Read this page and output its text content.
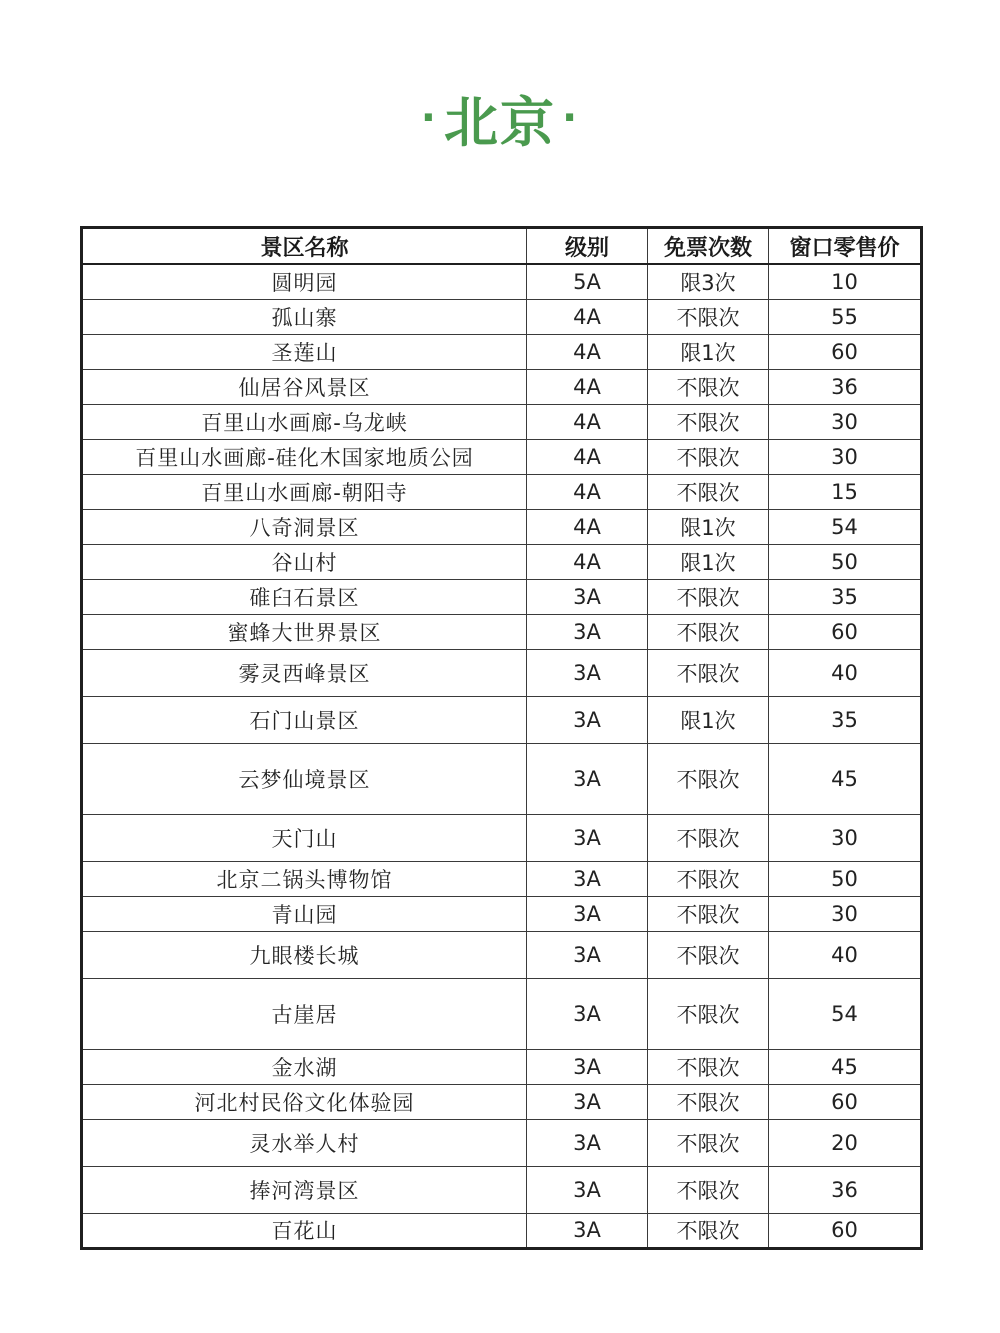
· 北京 ·
景区名称	级别	免票次数	窗口零售价
圆明园	5A	限3次	10
孤山寨	4A	不限次	55
圣莲山	4A	限1次	60
仙居谷风景区	4A	不限次	36
百里山水画廊-乌龙峡	4A	不限次	30
百里山水画廊-硅化木国家地质公园	4A	不限次	30
百里山水画廊-朝阳寺	4A	不限次	15
八奇洞景区	4A	限1次	54
谷山村	4A	限1次	50
碓臼石景区	3A	不限次	35
蜜蜂大世界景区	3A	不限次	60
雾灵西峰景区	3A	不限次	40
石门山景区	3A	限1次	35
云梦仙境景区	3A	不限次	45
天门山	3A	不限次	30
北京二锅头博物馆	3A	不限次	50
青山园	3A	不限次	30
九眼楼长城	3A	不限次	40
古崖居	3A	不限次	54
金水湖	3A	不限次	45
河北村民俗文化体验园	3A	不限次	60
灵水举人村	3A	不限次	20
捧河湾景区	3A	不限次	36
百花山	3A	不限次	60
